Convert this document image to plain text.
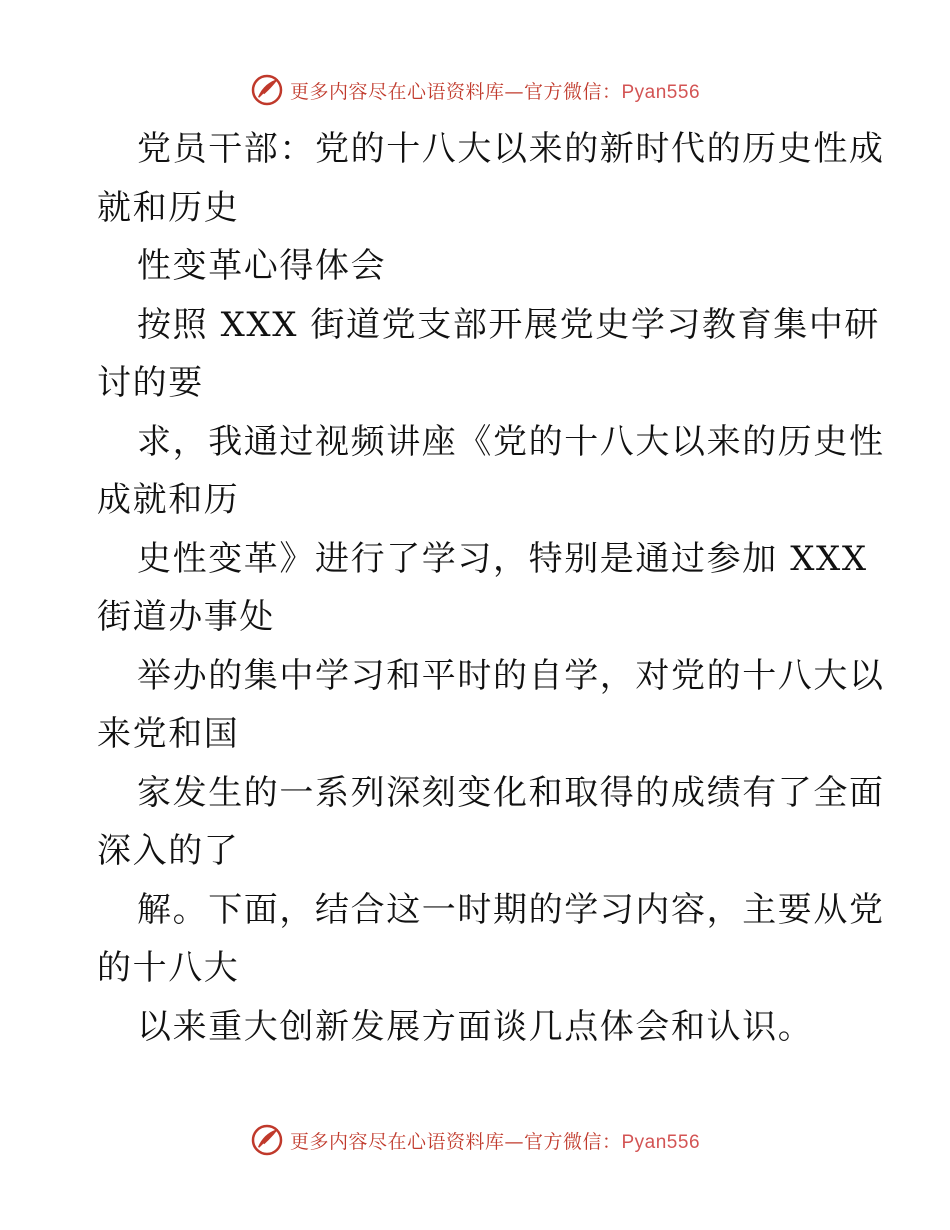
更多内容尽在心语资料库—官方微信：Pyan556
党员干部：党的十八大以来的新时代的历史性成
就和历史
性变革心得体会
按照 XXX 街道党支部开展党史学习教育集中研
讨的要
求，我通过视频讲座《党的十八大以来的历史性
成就和历
史性变革》进行了学习，特别是通过参加 XXX
街道办事处
举办的集中学习和平时的自学，对党的十八大以
来党和国
家发生的一系列深刻变化和取得的成绩有了全面
深入的了
解。下面，结合这一时期的学习内容，主要从党
的十八大
以来重大创新发展方面谈几点体会和认识。
更多内容尽在心语资料库—官方微信：Pyan556
